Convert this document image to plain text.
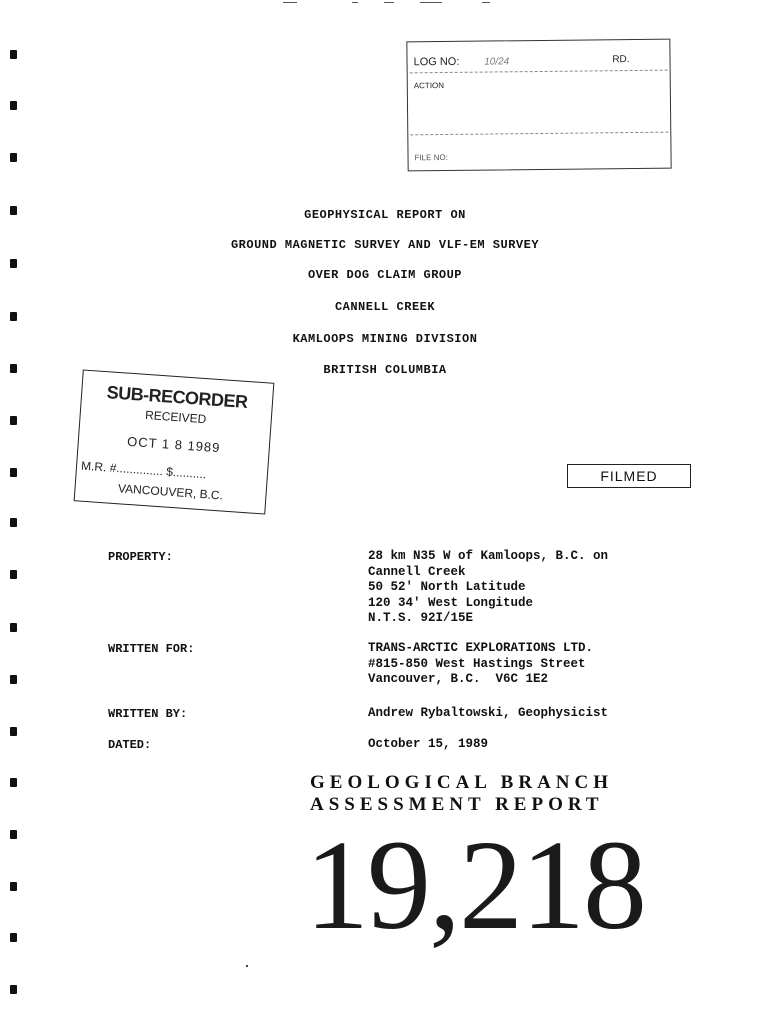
LOG NO: 10/24	RD.
ACTION
FILE NO:
GEOPHYSICAL REPORT ON
GROUND MAGNETIC SURVEY AND VLF-EM SURVEY
OVER DOG CLAIM GROUP
CANNELL CREEK
KAMLOOPS MINING DIVISION
BRITISH COLUMBIA
SUB-RECORDER
RECEIVED
OCT 1 8 1989
M.R. #.............. $..........
VANCOUVER, B.C.
FILMED
PROPERTY:	28 km N35 W of Kamloops, B.C. on
Cannell Creek
50 52' North Latitude
120 34' West Longitude
N.T.S. 92I/15E
WRITTEN FOR:	TRANS-ARCTIC EXPLORATIONS LTD.
#815-850 West Hastings Street
Vancouver, B.C.  V6C 1E2
WRITTEN BY:	Andrew Rybaltowski, Geophysicist
DATED:	October 15, 1989
GEOLOGICAL BRANCH
ASSESSMENT REPORT
19,218
